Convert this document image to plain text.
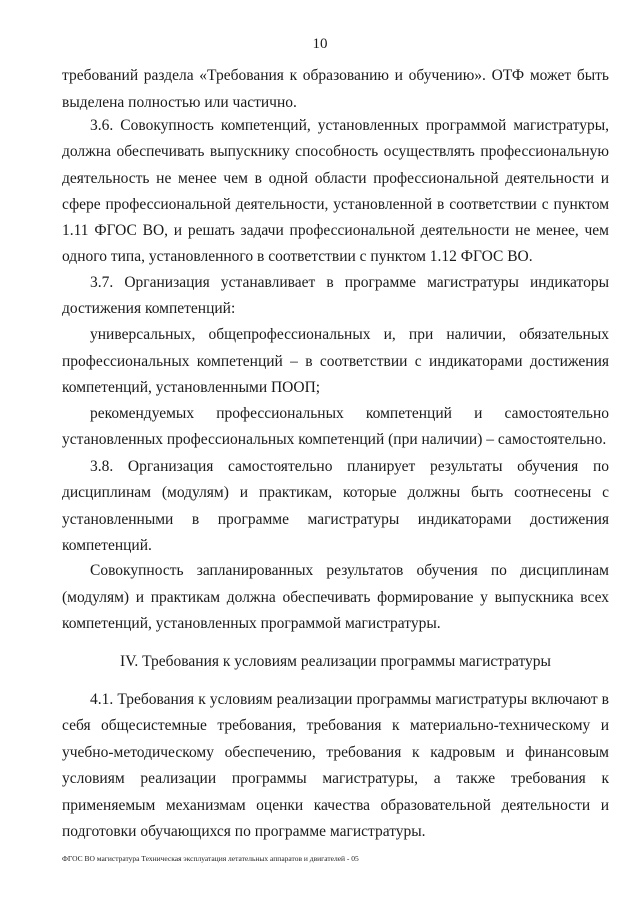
10

требований раздела «Требования к образованию и обучению». ОТФ может быть выделена полностью или частично.

3.6. Совокупность компетенций, установленных программой магистратуры, должна обеспечивать выпускнику способность осуществлять профессиональную деятельность не менее чем в одной области профессиональной деятельности и сфере профессиональной деятельности, установленной в соответствии с пунктом 1.11 ФГОС ВО, и решать задачи профессиональной деятельности не менее, чем одного типа, установленного в соответствии с пунктом 1.12 ФГОС ВО.

3.7. Организация устанавливает в программе магистратуры индикаторы достижения компетенций:

универсальных, общепрофессиональных и, при наличии, обязательных профессиональных компетенций – в соответствии с индикаторами достижения компетенций, установленными ПООП;

рекомендуемых профессиональных компетенций и самостоятельно установленных профессиональных компетенций (при наличии) – самостоятельно.

3.8. Организация самостоятельно планирует результаты обучения по дисциплинам (модулям) и практикам, которые должны быть соотнесены с установленными в программе магистратуры индикаторами достижения компетенций.

Совокупность запланированных результатов обучения по дисциплинам (модулям) и практикам должна обеспечивать формирование у выпускника всех компетенций, установленных программой магистратуры.

IV. Требования к условиям реализации программы магистратуры

4.1. Требования к условиям реализации программы магистратуры включают в себя общесистемные требования, требования к материально-техническому и учебно-методическому обеспечению, требования к кадровым и финансовым условиям реализации программы магистратуры, а также требования к применяемым механизмам оценки качества образовательной деятельности и подготовки обучающихся по программе магистратуры.

ФГОС ВО магистратура Техническая эксплуатация летательных аппаратов и двигателей - 05
